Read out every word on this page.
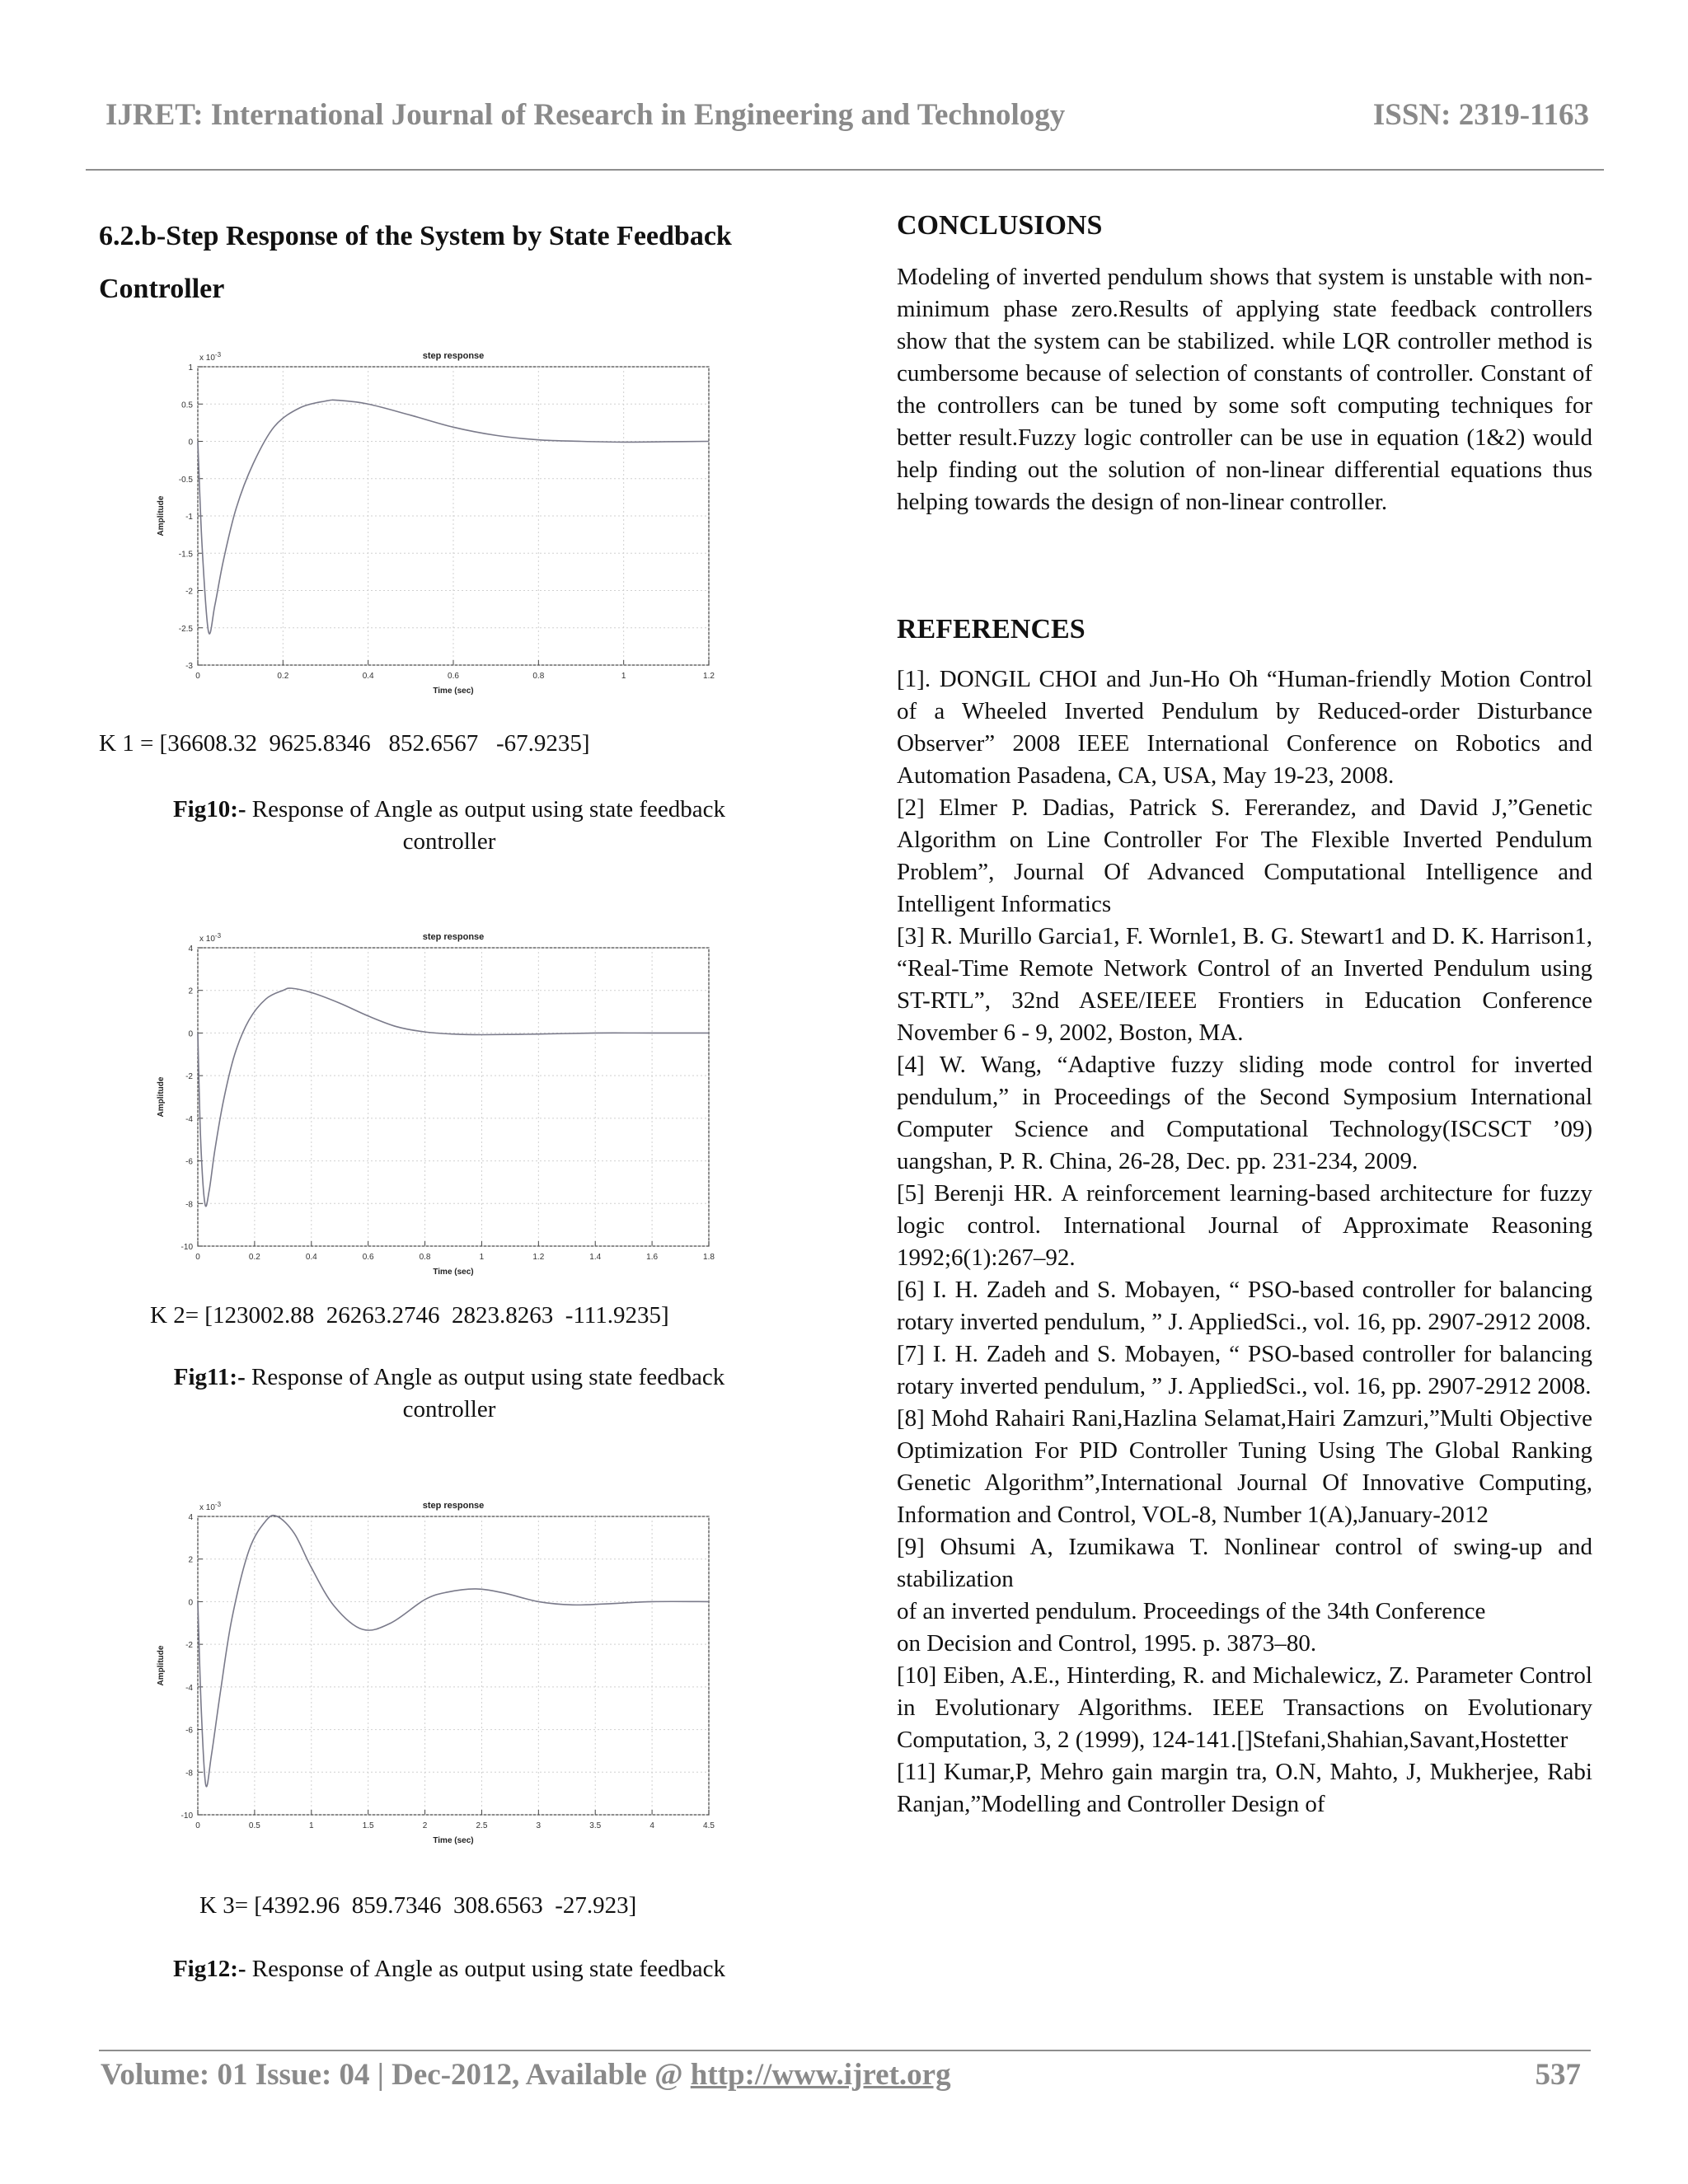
IJRET: International Journal of Research in Engineering and Technology	ISSN: 2319-1163

6.2.b-Step Response of the System by State Feedback
Controller

0	0.2	0.4	0.6	0.8	1	1.2
1
0.5
0
-0.5
-1
-1.5
-2
-2.5
-3
step response
x $10^{-3}$
Time (sec)
Amplitude
K 1 = [36608.32  9625.8346   852.6567   -67.9235]
Fig10:- Response of Angle as output using state feedback
controller
0	0.2	0.4	0.6	0.8	1	1.2	1.4	1.6	1.8
4
2
0
-2
-4
-6
-8
-10
step response
x $10^{-3}$
Time (sec)
Amplitude
K 2= [123002.88  26263.2746  2823.8263  -111.9235]
Fig11:- Response of Angle as output using state feedback
controller
0	0.5	1	1.5	2	2.5	3	3.5	4	4.5
4
2
0
-2
-4
-6
-8
-10
step response
x $10^{-3}$
Time (sec)
Amplitude
K 3= [4392.96  859.7346  308.6563  -27.923]
Fig12:- Response of Angle as output using state feedback
CONCLUSIONS
Modeling of inverted pendulum shows that system is unstable with non-minimum phase zero.Results of applying state feedback controllers show that the system can be stabilized. while LQR controller method is cumbersome because of selection of constants of controller. Constant of the controllers can be tuned by some soft computing techniques for better result.Fuzzy logic controller can be use in equation (1&2) would help finding out the solution of non-linear differential equations thus helping towards the design of non-linear controller.
REFERENCES

[1]. DONGIL CHOI and Jun-Ho Oh “Human-friendly Motion Control of a Wheeled Inverted Pendulum by Reduced-order Disturbance Observer” 2008 IEEE International Conference on Robotics and Automation Pasadena, CA, USA, May 19-23, 2008.

[2] Elmer P. Dadias, Patrick S. Fererandez, and David J,”Genetic Algorithm on Line Controller For The Flexible Inverted Pendulum Problem”, Journal Of Advanced Computational Intelligence and Intelligent Informatics

[3] R. Murillo Garcia1, F. Wornle1, B. G. Stewart1 and D. K. Harrison1, “Real-Time Remote Network Control of an Inverted Pendulum using ST-RTL”, 32nd ASEE/IEEE Frontiers in Education Conference November 6 - 9, 2002, Boston, MA.

[4] W. Wang, “Adaptive fuzzy sliding mode control for inverted pendulum,” in Proceedings of the Second Symposium International Computer Science and Computational Technology(ISCSCT ’09) uangshan, P. R. China, 26-28, Dec. pp. 231-234, 2009.

[5] Berenji HR. A reinforcement learning-based architecture for fuzzy logic control. International Journal of Approximate Reasoning 1992;6(1):267–92.

[6] I. H. Zadeh and S. Mobayen, “ PSO-based controller for balancing rotary inverted pendulum, ” J. AppliedSci., vol. 16, pp. 2907-2912 2008.

[7] I. H. Zadeh and S. Mobayen, “ PSO-based controller for balancing rotary inverted pendulum, ” J. AppliedSci., vol. 16, pp. 2907-2912 2008.

[8] Mohd Rahairi Rani,Hazlina Selamat,Hairi Zamzuri,”Multi Objective Optimization For PID Controller Tuning Using The Global Ranking Genetic Algorithm”,International Journal Of Innovative Computing, Information and Control, VOL-8, Number 1(A),January-2012

[9] Ohsumi A, Izumikawa T. Nonlinear control of swing-up and stabilization

of an inverted pendulum. Proceedings of the 34th Conference

on Decision and Control, 1995. p. 3873–80.

[10] Eiben, A.E., Hinterding, R. and Michalewicz, Z. Parameter Control in Evolutionary Algorithms. IEEE Transactions on Evolutionary Computation, 3, 2 (1999), 124-141.[]Stefani,Shahian,Savant,Hostetter

[11] Kumar,P, Mehro gain margin tra, O.N, Mahto, J, Mukherjee, Rabi Ranjan,”Modelling and Controller Design of

Volume: 01 Issue: 04 | Dec-2012, Available @ http://www.ijret.org	537
